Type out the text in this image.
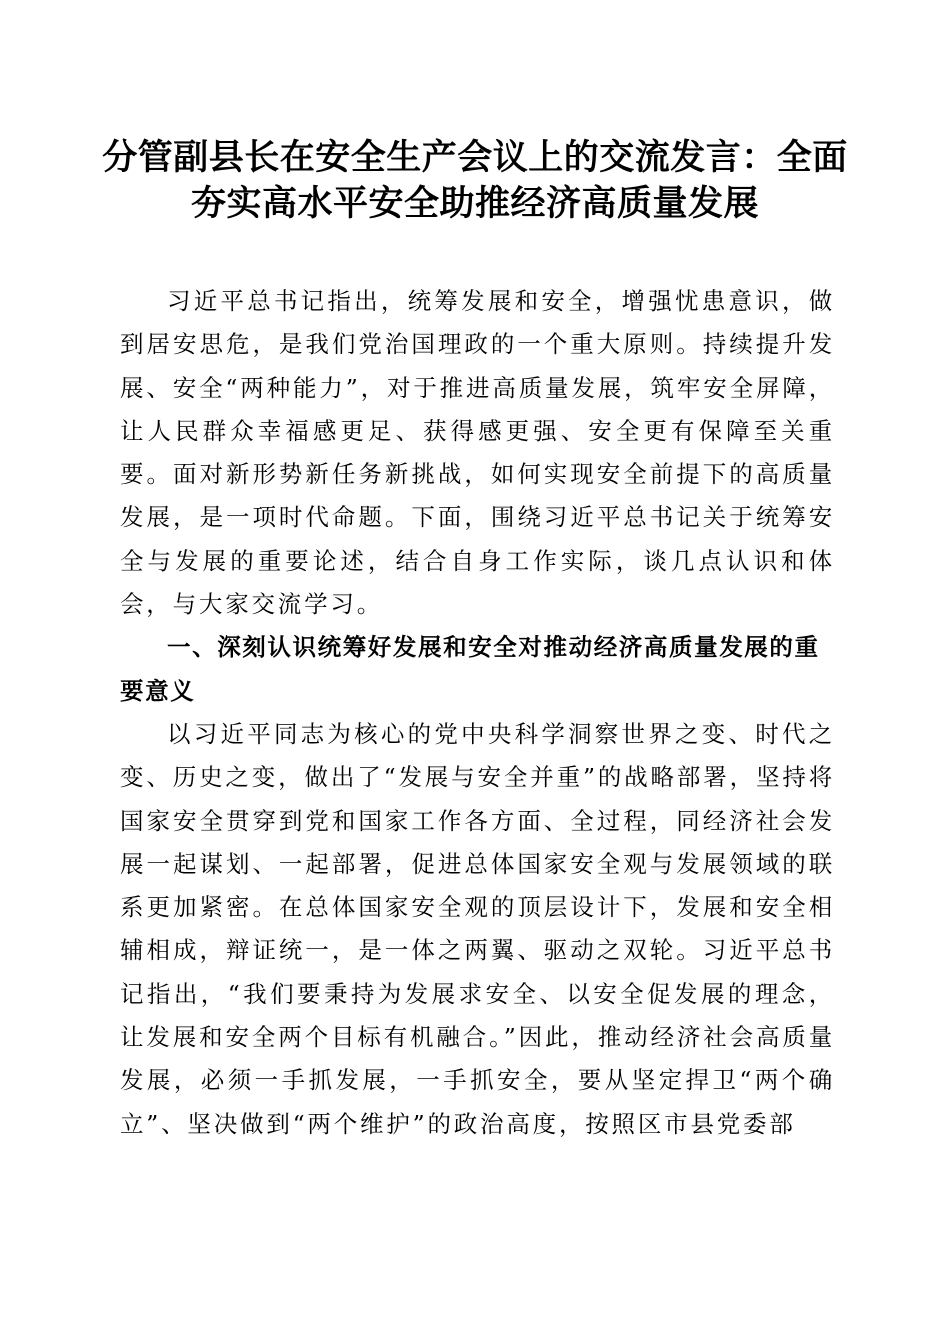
分管副县长在安全生产会议上的交流发言：全面夯实高水平安全助推经济高质量发展

习近平总书记指出，统筹发展和安全，增强忧患意识，做到居安思危，是我们党治国理政的一个重大原则。持续提升发展、安全“两种能力”，对于推进高质量发展，筑牢安全屏障，让人民群众幸福感更足、获得感更强、安全更有保障至关重要。面对新形势新任务新挑战，如何实现安全前提下的高质量发展，是一项时代命题。下面，围绕习近平总书记关于统筹安全与发展的重要论述，结合自身工作实际，谈几点认识和体会，与大家交流学习。

一、深刻认识统筹好发展和安全对推动经济高质量发展的重要意义

以习近平同志为核心的党中央科学洞察世界之变、时代之变、历史之变，做出了“发展与安全并重”的战略部署，坚持将国家安全贯穿到党和国家工作各方面、全过程，同经济社会发展一起谋划、一起部署，促进总体国家安全观与发展领域的联系更加紧密。在总体国家安全观的顶层设计下，发展和安全相辅相成，辩证统一，是一体之两翼、驱动之双轮。习近平总书记指出，“我们要秉持为发展求安全、以安全促发展的理念，让发展和安全两个目标有机融合。”因此，推动经济社会高质量发展，必须一手抓发展，一手抓安全，要从坚定捍卫“两个确立”、坚决做到“两个维护”的政治高度，按照区市县党委部
